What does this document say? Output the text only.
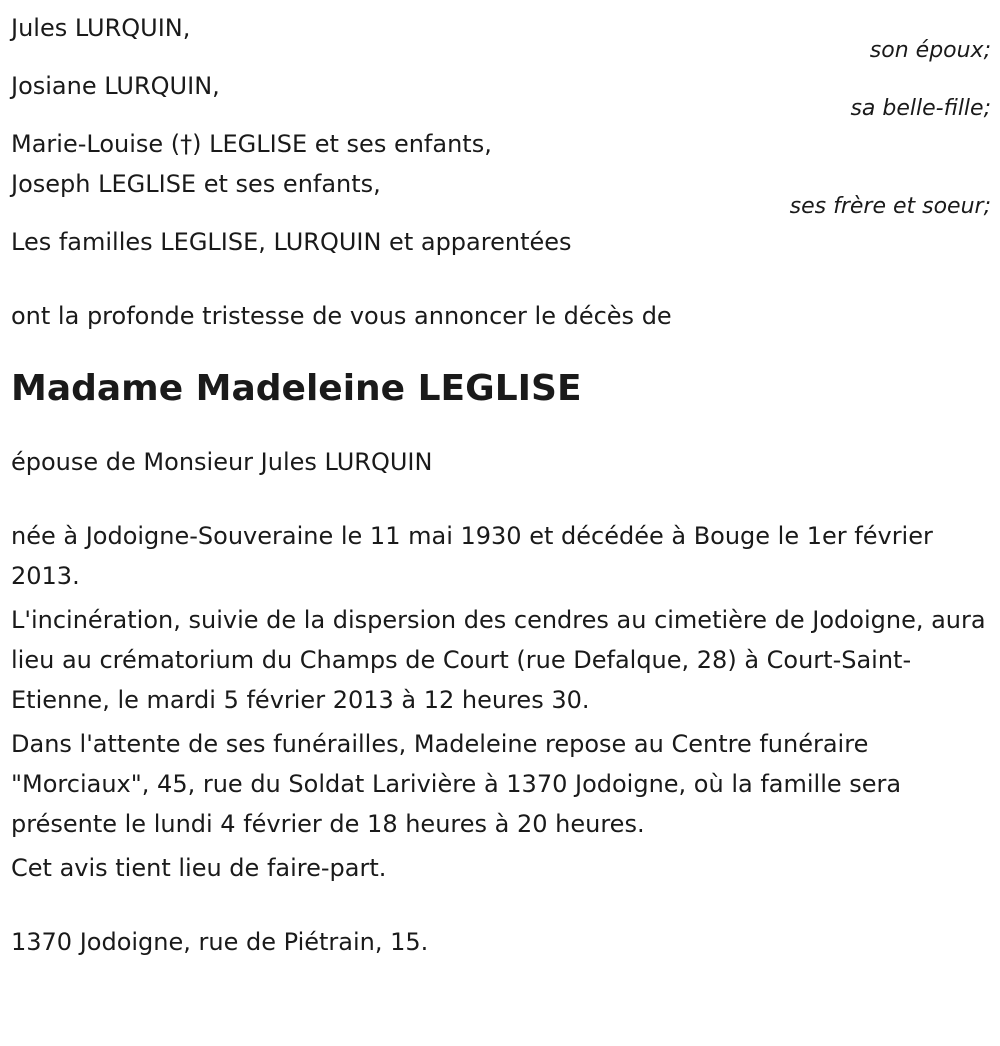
Jules LURQUIN,
son époux;
Josiane LURQUIN,
sa belle-fille;
Marie-Louise (†) LEGLISE et ses enfants,
Joseph LEGLISE et ses enfants,
ses frère et soeur;
Les familles LEGLISE, LURQUIN et apparentées
ont la profonde tristesse de vous annoncer le décès de
Madame Madeleine LEGLISE
épouse de Monsieur Jules LURQUIN
née à Jodoigne-Souveraine le 11 mai 1930 et décédée à Bouge le 1er février 2013.
L'incinération, suivie de la dispersion des cendres au cimetière de Jodoigne, aura lieu au crématorium du Champs de Court (rue Defalque, 28) à Court-Saint-Etienne, le mardi 5 février 2013 à 12 heures 30.
Dans l'attente de ses funérailles, Madeleine repose au Centre funéraire "Morciaux", 45, rue du Soldat Larivière à 1370 Jodoigne, où la famille sera présente le lundi 4 février de 18 heures à 20 heures.
Cet avis tient lieu de faire-part.
1370 Jodoigne, rue de Piétrain, 15.
